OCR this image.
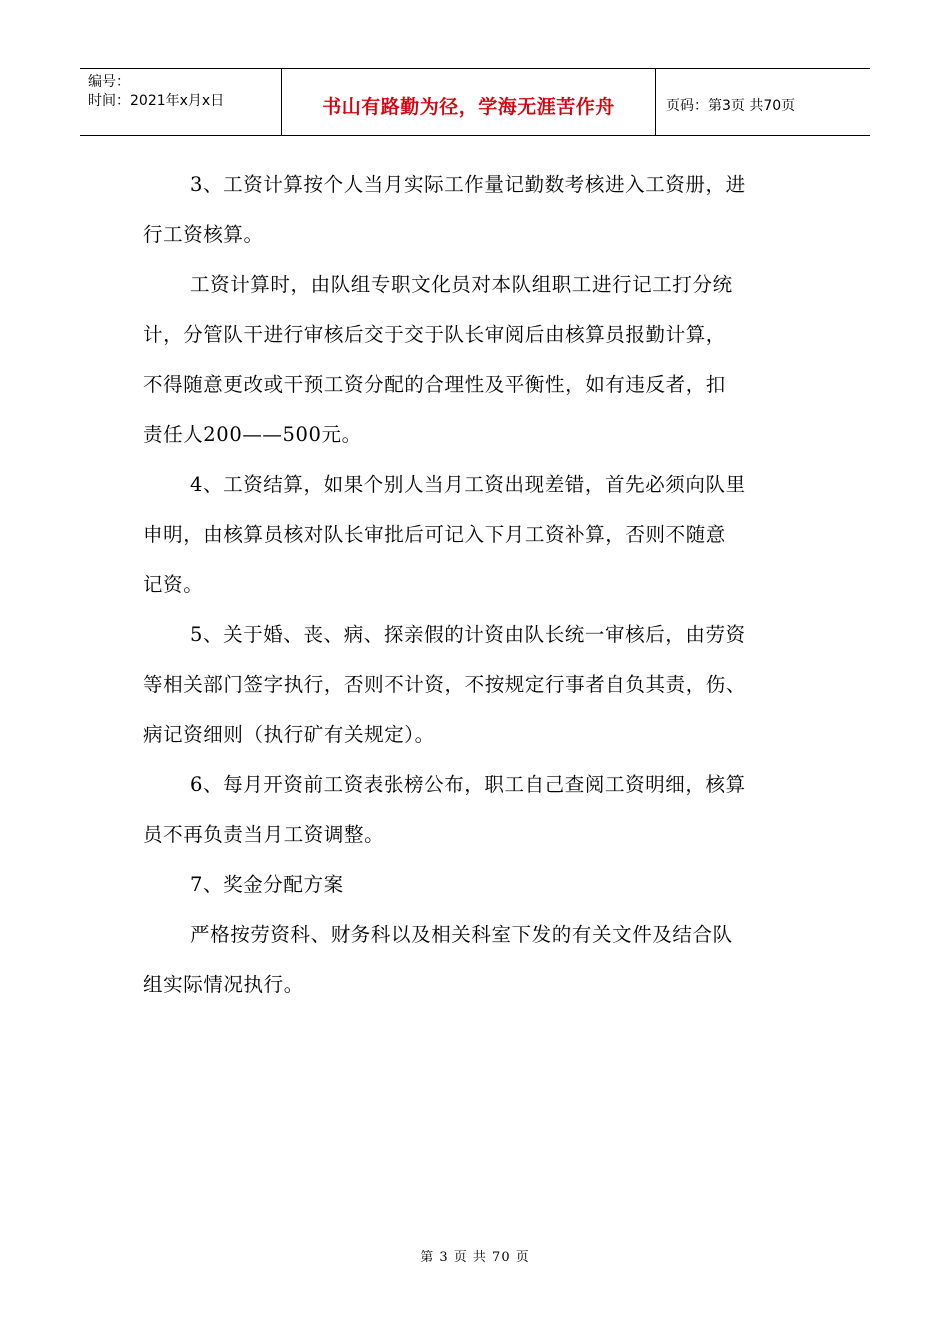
编号：
时间：2021年x月x日	书山有路勤为径，学海无涯苦作舟	页码：第3页 共70页

3、工资计算按个人当月实际工作量记勤数考核进入工资册，进
行工资核算。

工资计算时，由队组专职文化员对本队组职工进行记工打分统
计，分管队干进行审核后交于交于队长审阅后由核算员报勤计算，
不得随意更改或干预工资分配的合理性及平衡性，如有违反者，扣
责任人200——500元。

4、工资结算，如果个别人当月工资出现差错，首先必须向队里
申明，由核算员核对队长审批后可记入下月工资补算，否则不随意
记资。

5、关于婚、丧、病、探亲假的计资由队长统一审核后，由劳资
等相关部门签字执行，否则不计资，不按规定行事者自负其责，伤、
病记资细则（执行矿有关规定）。

6、每月开资前工资表张榜公布，职工自己查阅工资明细，核算
员不再负责当月工资调整。

7、奖金分配方案

严格按劳资科、财务科以及相关科室下发的有关文件及结合队
组实际情况执行。

第 3 页 共 70 页
